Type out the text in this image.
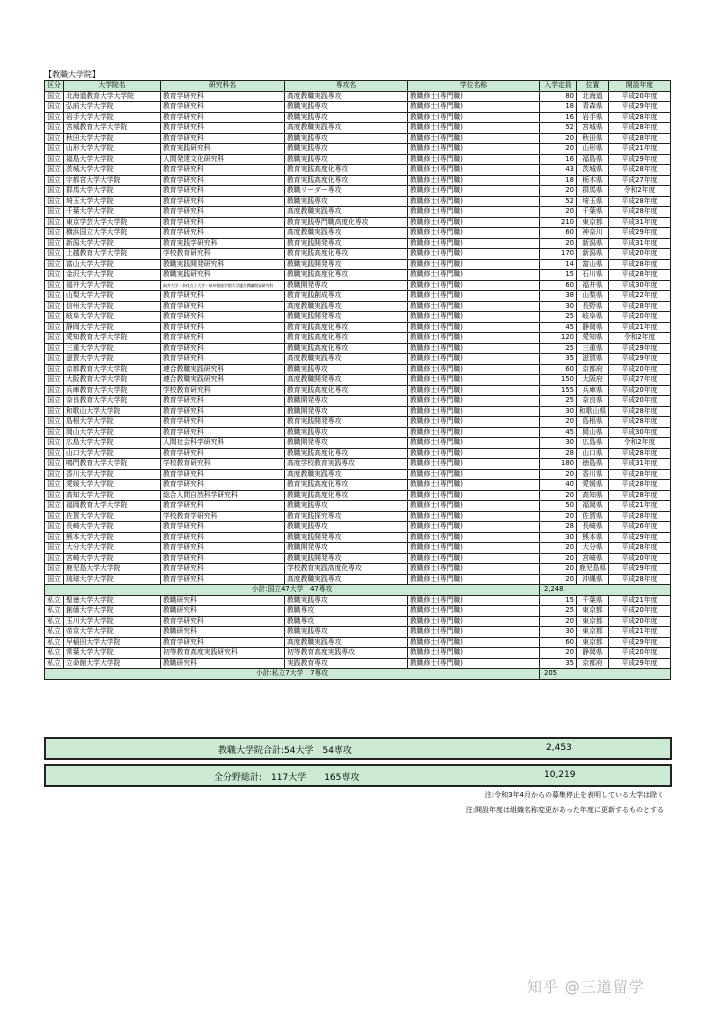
【教職大学院】
区分	大学院名	研究科名	専攻名	学位名称	入学定員	位置	開設年度
国立	北海道教育大学大学院	教育学研究科	高度教職実践専攻	教職修士(専門職)	80	北海道	平成20年度
国立	弘前大学大学院	教育学研究科	教職実践専攻	教職修士(専門職)	18	青森県	平成29年度
国立	岩手大学大学院	教育学研究科	教職実践専攻	教職修士(専門職)	16	岩手県	平成28年度
国立	宮城教育大学大学院	教育学研究科	高度教職実践専攻	教職修士(専門職)	52	宮城県	平成28年度
国立	秋田大学大学院	教育学研究科	教職実践専攻	教職修士(専門職)	20	秋田県	平成28年度
国立	山形大学大学院	教育実践研究科	教職実践専攻	教職修士(専門職)	20	山形県	平成21年度
国立	福島大学大学院	人間発達文化研究科	教職実践専攻	教職修士(専門職)	16	福島県	平成29年度
国立	茨城大学大学院	教育学研究科	教育実践高度化専攻	教職修士(専門職)	43	茨城県	平成28年度
国立	宇都宮大学大学院	教育学研究科	教育実践高度化専攻	教職修士(専門職)	18	栃木県	平成27年度
国立	群馬大学大学院	教育学研究科	教職リーダー専攻	教職修士(専門職)	20	群馬県	令和2年度
国立	埼玉大学大学院	教育学研究科	教職実践専攻	教職修士(専門職)	52	埼玉県	平成28年度
国立	千葉大学大学院	教育学研究科	高度教職実践専攻	教職修士(専門職)	20	千葉県	平成28年度
国立	東京学芸大学大学院	教育学研究科	教育実践専門職高度化専攻	教職修士(専門職)	210	東京都	平成31年度
国立	横浜国立大学大学院	教育学研究科	高度教職実践専攻	教職修士(専門職)	60	神奈川	平成29年度
国立	新潟大学大学院	教育実践学研究科	教育実践開発専攻	教職修士(専門職)	20	新潟県	平成31年度
国立	上越教育大学大学院	学校教育研究科	教育実践高度化専攻	教職修士(専門職)	170	新潟県	平成20年度
国立	富山大学大学院	教職実践開発研究科	教職実践開発専攻	教職修士(専門職)	14	富山県	平成28年度
国立	金沢大学大学院	教職実践研究科	教職実践高度化専攻	教職修士(専門職)	15	石川県	平成28年度
国立	福井大学大学院	福井大学・奈良女子大学・岐阜聖徳学園大学連合教職開発研究科	教職開発専攻	教職修士(専門職)	60	福井県	平成30年度
国立	山梨大学大学院	教育学研究科	教育実践創成専攻	教職修士(専門職)	38	山梨県	平成22年度
国立	信州大学大学院	教育学研究科	高度教職実践専攻	教職修士(専門職)	30	長野県	平成28年度
国立	岐阜大学大学院	教育学研究科	教職実践開発専攻	教職修士(専門職)	25	岐阜県	平成20年度
国立	静岡大学大学院	教育学研究科	教育実践高度化専攻	教職修士(専門職)	45	静岡県	平成21年度
国立	愛知教育大学大学院	教育学研究科	教育実践高度化専攻	教職修士(専門職)	120	愛知県	令和2年度
国立	三重大学大学院	教育学研究科	教職実践高度化専攻	教職修士(専門職)	25	三重県	平成29年度
国立	滋賀大学大学院	教育学研究科	高度教職実践専攻	教職修士(専門職)	35	滋賀県	平成29年度
国立	京都教育大学大学院	連合教職実践研究科	教職実践専攻	教職修士(専門職)	60	京都府	平成20年度
国立	大阪教育大学大学院	連合教職実践研究科	高度教職開発専攻	教職修士(専門職)	150	大阪府	平成27年度
国立	兵庫教育大学大学院	学校教育研究科	教育実践高度化専攻	教職修士(専門職)	155	兵庫県	平成20年度
国立	奈良教育大学大学院	教育学研究科	教職開発専攻	教職修士(専門職)	25	奈良県	平成20年度
国立	和歌山大学大学院	教育学研究科	教職開発専攻	教職修士(専門職)	30	和歌山県	平成28年度
国立	島根大学大学院	教育学研究科	教育実践開発専攻	教職修士(専門職)	20	島根県	平成28年度
国立	岡山大学大学院	教育学研究科	教職実践専攻	教職修士(専門職)	45	岡山県	平成30年度
国立	広島大学大学院	人間社会科学研究科	教職開発専攻	教職修士(専門職)	30	広島県	令和2年度
国立	山口大学大学院	教育学研究科	教職実践高度化専攻	教職修士(専門職)	28	山口県	平成28年度
国立	鳴門教育大学大学院	学校教育研究科	高度学校教育実践専攻	教職修士(専門職)	180	徳島県	平成31年度
国立	香川大学大学院	教育学研究科	高度教職実践専攻	教職修士(専門職)	20	香川県	平成28年度
国立	愛媛大学大学院	教育学研究科	教育実践高度化専攻	教職修士(専門職)	40	愛媛県	平成28年度
国立	高知大学大学院	総合人間自然科学研究科	教職実践高度化専攻	教職修士(専門職)	20	高知県	平成28年度
国立	福岡教育大学大学院	教育学研究科	教職実践専攻	教職修士(専門職)	50	福岡県	平成21年度
国立	佐賀大学大学院	学校教育学研究科	教育実践探究専攻	教職修士(専門職)	20	佐賀県	平成28年度
国立	長崎大学大学院	教育学研究科	教職実践専攻	教職修士(専門職)	28	長崎県	平成26年度
国立	熊本大学大学院	教育学研究科	教職実践開発専攻	教職修士(専門職)	30	熊本県	平成29年度
国立	大分大学大学院	教育学研究科	教職開発専攻	教職修士(専門職)	20	大分県	平成28年度
国立	宮崎大学大学院	教育学研究科	教職実践開発専攻	教職修士(専門職)	20	宮崎県	平成20年度
国立	鹿児島大学大学院	教育学研究科	学校教育実践高度化専攻	教職修士(専門職)	20	鹿児島県	平成29年度
国立	琉球大学大学院	教育学研究科	高度教職実践専攻	教職修士(専門職)	20	沖縄県	平成28年度
小計:国立47大学　47専攻					2,248		
私立	聖徳大学大学院	教職研究科	教職実践専攻	教職修士(専門職)	15	千葉県	平成21年度
私立	創価大学大学院	教職研究科	教職専攻	教職修士(専門職)	25	東京都	平成20年度
私立	玉川大学大学院	教育学研究科	教職専攻	教職修士(専門職)	20	東京都	平成20年度
私立	帝京大学大学院	教職研究科	教職実践専攻	教職修士(専門職)	30	東京都	平成21年度
私立	早稲田大学大学院	教育学研究科	高度教職実践専攻	教職修士(専門職)	60	東京都	平成29年度
私立	常葉大学大学院	初等教育高度実践研究科	初等教育高度実践専攻	教職修士(専門職)	20	静岡県	平成20年度
私立	立命館大学大学院	教職研究科	実践教育専攻	教職修士(専門職)	35	京都府	平成29年度
小計:私立7大学　7専攻					205		
教職大学院合計:54大学　54専攻	2,453
全分野総計:　117大学　　165専攻	10,219
注:令和3年4月からの募集停止を表明している大学は除く
注:開設年度は組織名称変更があった年度に更新するものとする
知乎 @三道留学
